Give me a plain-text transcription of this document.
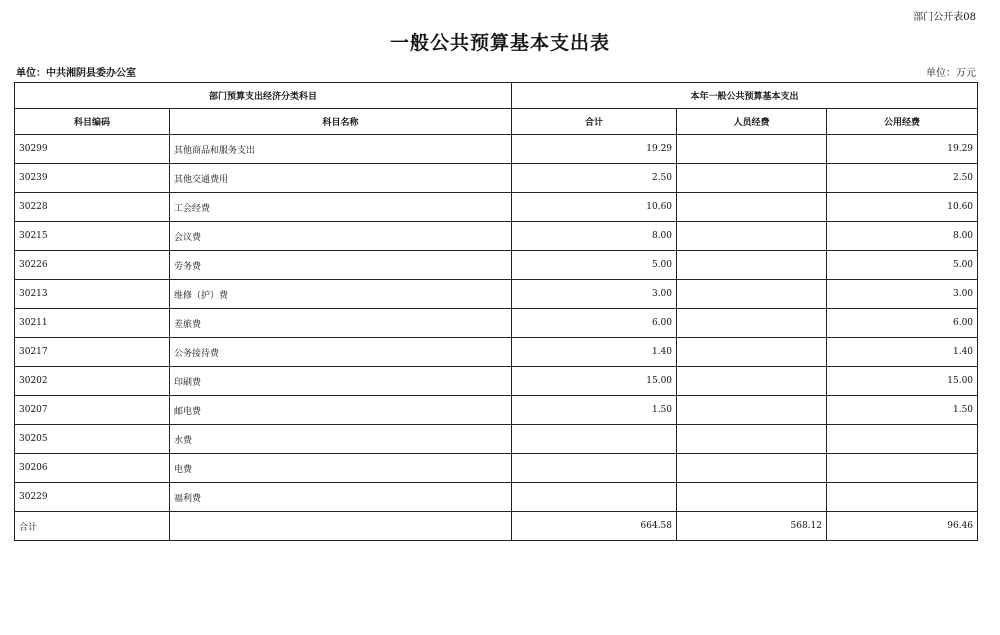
部门公开表08
一般公共预算基本支出表
单位：中共湘阴县委办公室	单位：万元
部门预算支出经济分类科目		本年一般公共预算基本支出		
科目编码	科目名称	合计	人员经费	公用经费
30299	其他商品和服务支出	19.29		19.29
30239	其他交通费用	2.50		2.50
30228	工会经费	10.60		10.60
30215	会议费	8.00		8.00
30226	劳务费	5.00		5.00
30213	维修（护）费	3.00		3.00
30211	差旅费	6.00		6.00
30217	公务接待费	1.40		1.40
30202	印刷费	15.00		15.00
30207	邮电费	1.50		1.50
30205	水费			
30206	电费			
30229	福利费			
合计		664.58	568.12	96.46
